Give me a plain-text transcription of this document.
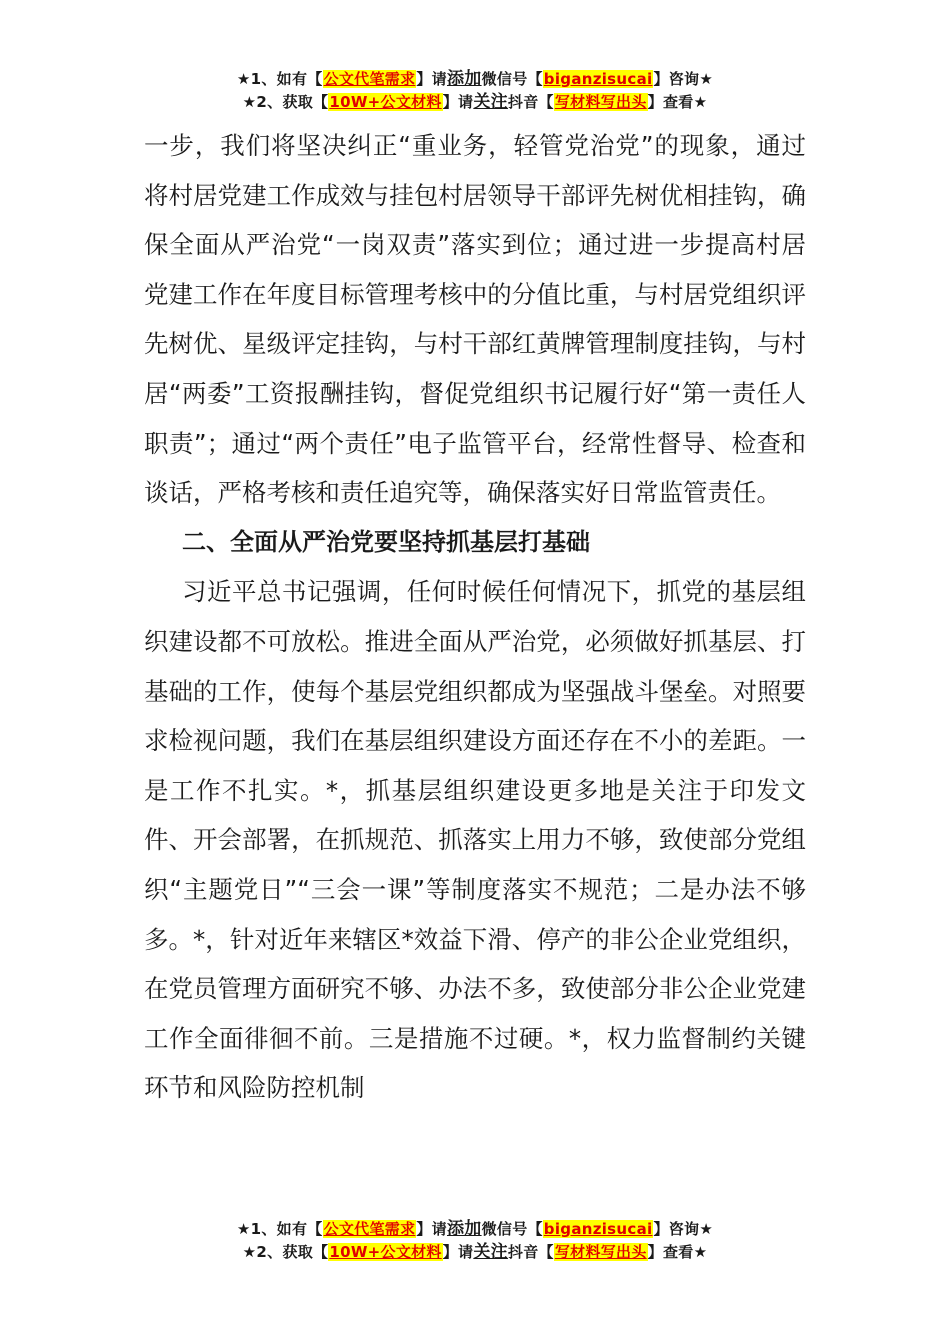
★1、如有【公文代笔需求】请添加微信号【biganzisucai】咨询★
★2、获取【10W+公文材料】请关注抖音【写材料写出头】查看★

一步，我们将坚决纠正“重业务，轻管党治党”的现象，通过将村居党建工作成效与挂包村居领导干部评先树优相挂钩，确保全面从严治党“一岗双责”落实到位；通过进一步提高村居党建工作在年度目标管理考核中的分值比重，与村居党组织评先树优、星级评定挂钩，与村干部红黄牌管理制度挂钩，与村居“两委”工资报酬挂钩，督促党组织书记履行好“第一责任人职责”；通过“两个责任”电子监管平台，经常性督导、检查和谈话，严格考核和责任追究等，确保落实好日常监管责任。

二、全面从严治党要坚持抓基层打基础

习近平总书记强调，任何时候任何情况下，抓党的基层组织建设都不可放松。推进全面从严治党，必须做好抓基层、打基础的工作，使每个基层党组织都成为坚强战斗堡垒。对照要求检视问题，我们在基层组织建设方面还存在不小的差距。一是工作不扎实。*，抓基层组织建设更多地是关注于印发文件、开会部署，在抓规范、抓落实上用力不够，致使部分党组织“主题党日”“三会一课”等制度落实不规范；二是办法不够多。*，针对近年来辖区*效益下滑、停产的非公企业党组织，在党员管理方面研究不够、办法不多，致使部分非公企业党建工作全面徘徊不前。三是措施不过硬。*，权力监督制约关键环节和风险防控机制

★1、如有【公文代笔需求】请添加微信号【biganzisucai】咨询★
★2、获取【10W+公文材料】请关注抖音【写材料写出头】查看★
